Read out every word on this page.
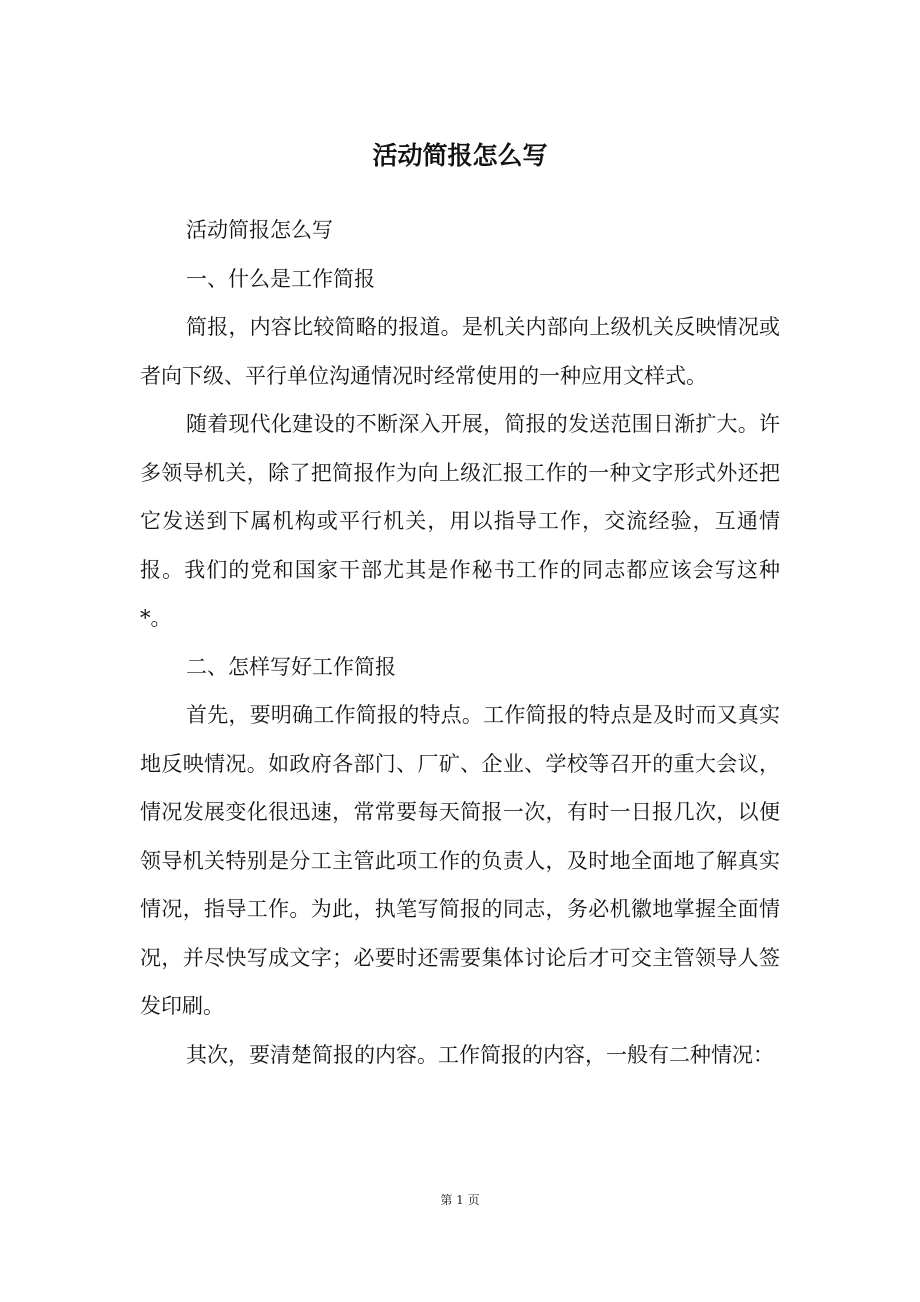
活动简报怎么写

活动简报怎么写

一、什么是工作简报

简报，内容比较简略的报道。是机关内部向上级机关反映情况或者向下级、平行单位沟通情况时经常使用的一种应用文样式。

随着现代化建设的不断深入开展，简报的发送范围日渐扩大。许多领导机关，除了把简报作为向上级汇报工作的一种文字形式外还把它发送到下属机构或平行机关，用以指导工作，交流经验，互通情报。我们的党和国家干部尤其是作秘书工作的同志都应该会写这种*。

二、怎样写好工作简报

首先，要明确工作简报的特点。工作简报的特点是及时而又真实地反映情况。如政府各部门、厂矿、企业、学校等召开的重大会议，情况发展变化很迅速，常常要每天简报一次，有时一日报几次，以便领导机关特别是分工主管此项工作的负责人，及时地全面地了解真实情况，指导工作。为此，执笔写简报的同志，务必机徽地掌握全面情况，并尽快写成文字；必要时还需要集体讨论后才可交主管领导人签发印刷。

其次，要清楚简报的内容。工作简报的内容，一般有二种情况：

第 1 页
